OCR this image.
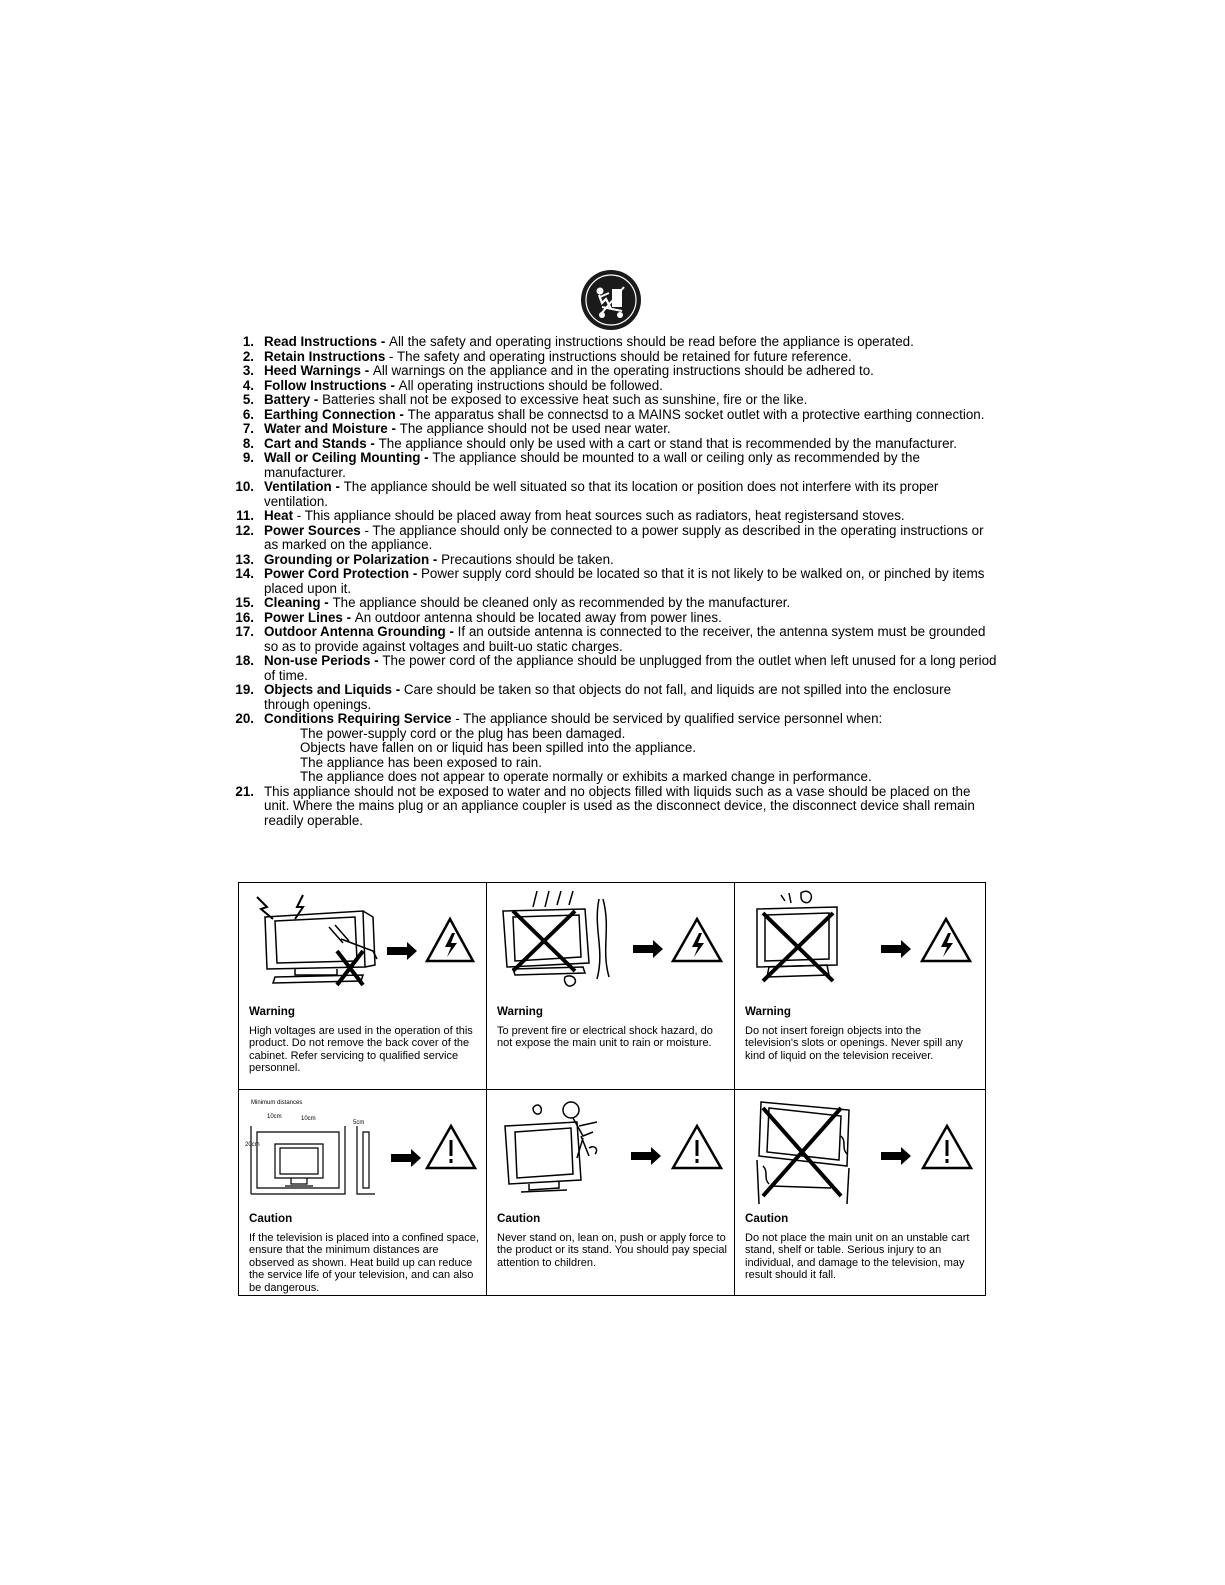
1. Read Instructions - All the safety and operating instructions should be read before the appliance is operated.
2. Retain Instructions - The safety and operating instructions should be retained for future reference.
3. Heed Warnings - All warnings on the appliance and in the operating instructions should be adhered to.
4. Follow Instructions - All operating instructions should be followed.
5. Battery - Batteries shall not be exposed to excessive heat such as sunshine, fire or the like.
6. Earthing Connection - The apparatus shall be connectsd to a MAINS socket outlet with a protective earthing connection.
7. Water and Moisture - The appliance should not be used near water.
8. Cart and Stands - The appliance should only be used with a cart or stand that is recommended by the manufacturer.
9. Wall or Ceiling Mounting - The appliance should be mounted to a wall or ceiling only as recommended by the manufacturer.
10. Ventilation - The appliance should be well situated so that its location or position does not interfere with its proper ventilation.
11. Heat - This appliance should be placed away from heat sources such as radiators, heat registersand stoves.
12. Power Sources - The appliance should only be connected to a power supply as described in the operating instructions or as marked on the appliance.
13. Grounding or Polarization - Precautions should be taken.
14. Power Cord Protection - Power supply cord should be located so that it is not likely to be walked on, or pinched by items placed upon it.
15. Cleaning - The appliance should be cleaned only as recommended by the manufacturer.
16. Power Lines - An outdoor antenna should be located away from power lines.
17. Outdoor Antenna Grounding - If an outside antenna is connected to the receiver, the antenna system must be grounded so as to provide against voltages and built-uo static charges.
18. Non-use Periods - The power cord of the appliance should be unplugged from the outlet when left unused for a long period of time.
19. Objects and Liquids - Care should be taken so that objects do not fall, and liquids are not spilled into the enclosure through openings.
20. Conditions Requiring Service - The appliance should be serviced by qualified service personnel when:
The power-supply cord or the plug has been damaged.
Objects have fallen on or liquid has been spilled into the appliance.
The appliance has been exposed to rain.
The appliance does not appear to operate normally or exhibits a marked change in performance.
21. This appliance should not be exposed to water and no objects filled with liquids such as a vase should be placed on the unit. Where the mains plug or an appliance coupler is used as the disconnect device, the disconnect device shall remain readily operable.
Warning
High voltages are used in the operation of this product. Do not remove the back cover of the cabinet. Refer servicing to qualified service personnel.
Warning
To prevent fire or electrical shock hazard, do not expose the main unit to rain or moisture.
Warning
Do not insert foreign objects into the television's slots or openings. Never spill any kind of liquid on the television receiver.
Minimum distances
10cm	10cm
5cm
20cm
Caution
If the television is placed into a confined space, ensure that the minimum distances are observed as shown. Heat build up can reduce the service life of your television, and can also be dangerous.
Caution
Never stand on, lean on, push or apply force to the product or its stand. You should pay special attention to children.
Caution
Do not place the main unit on an unstable cart stand, shelf or table. Serious injury to an individual, and damage to the television, may result should it fall.
